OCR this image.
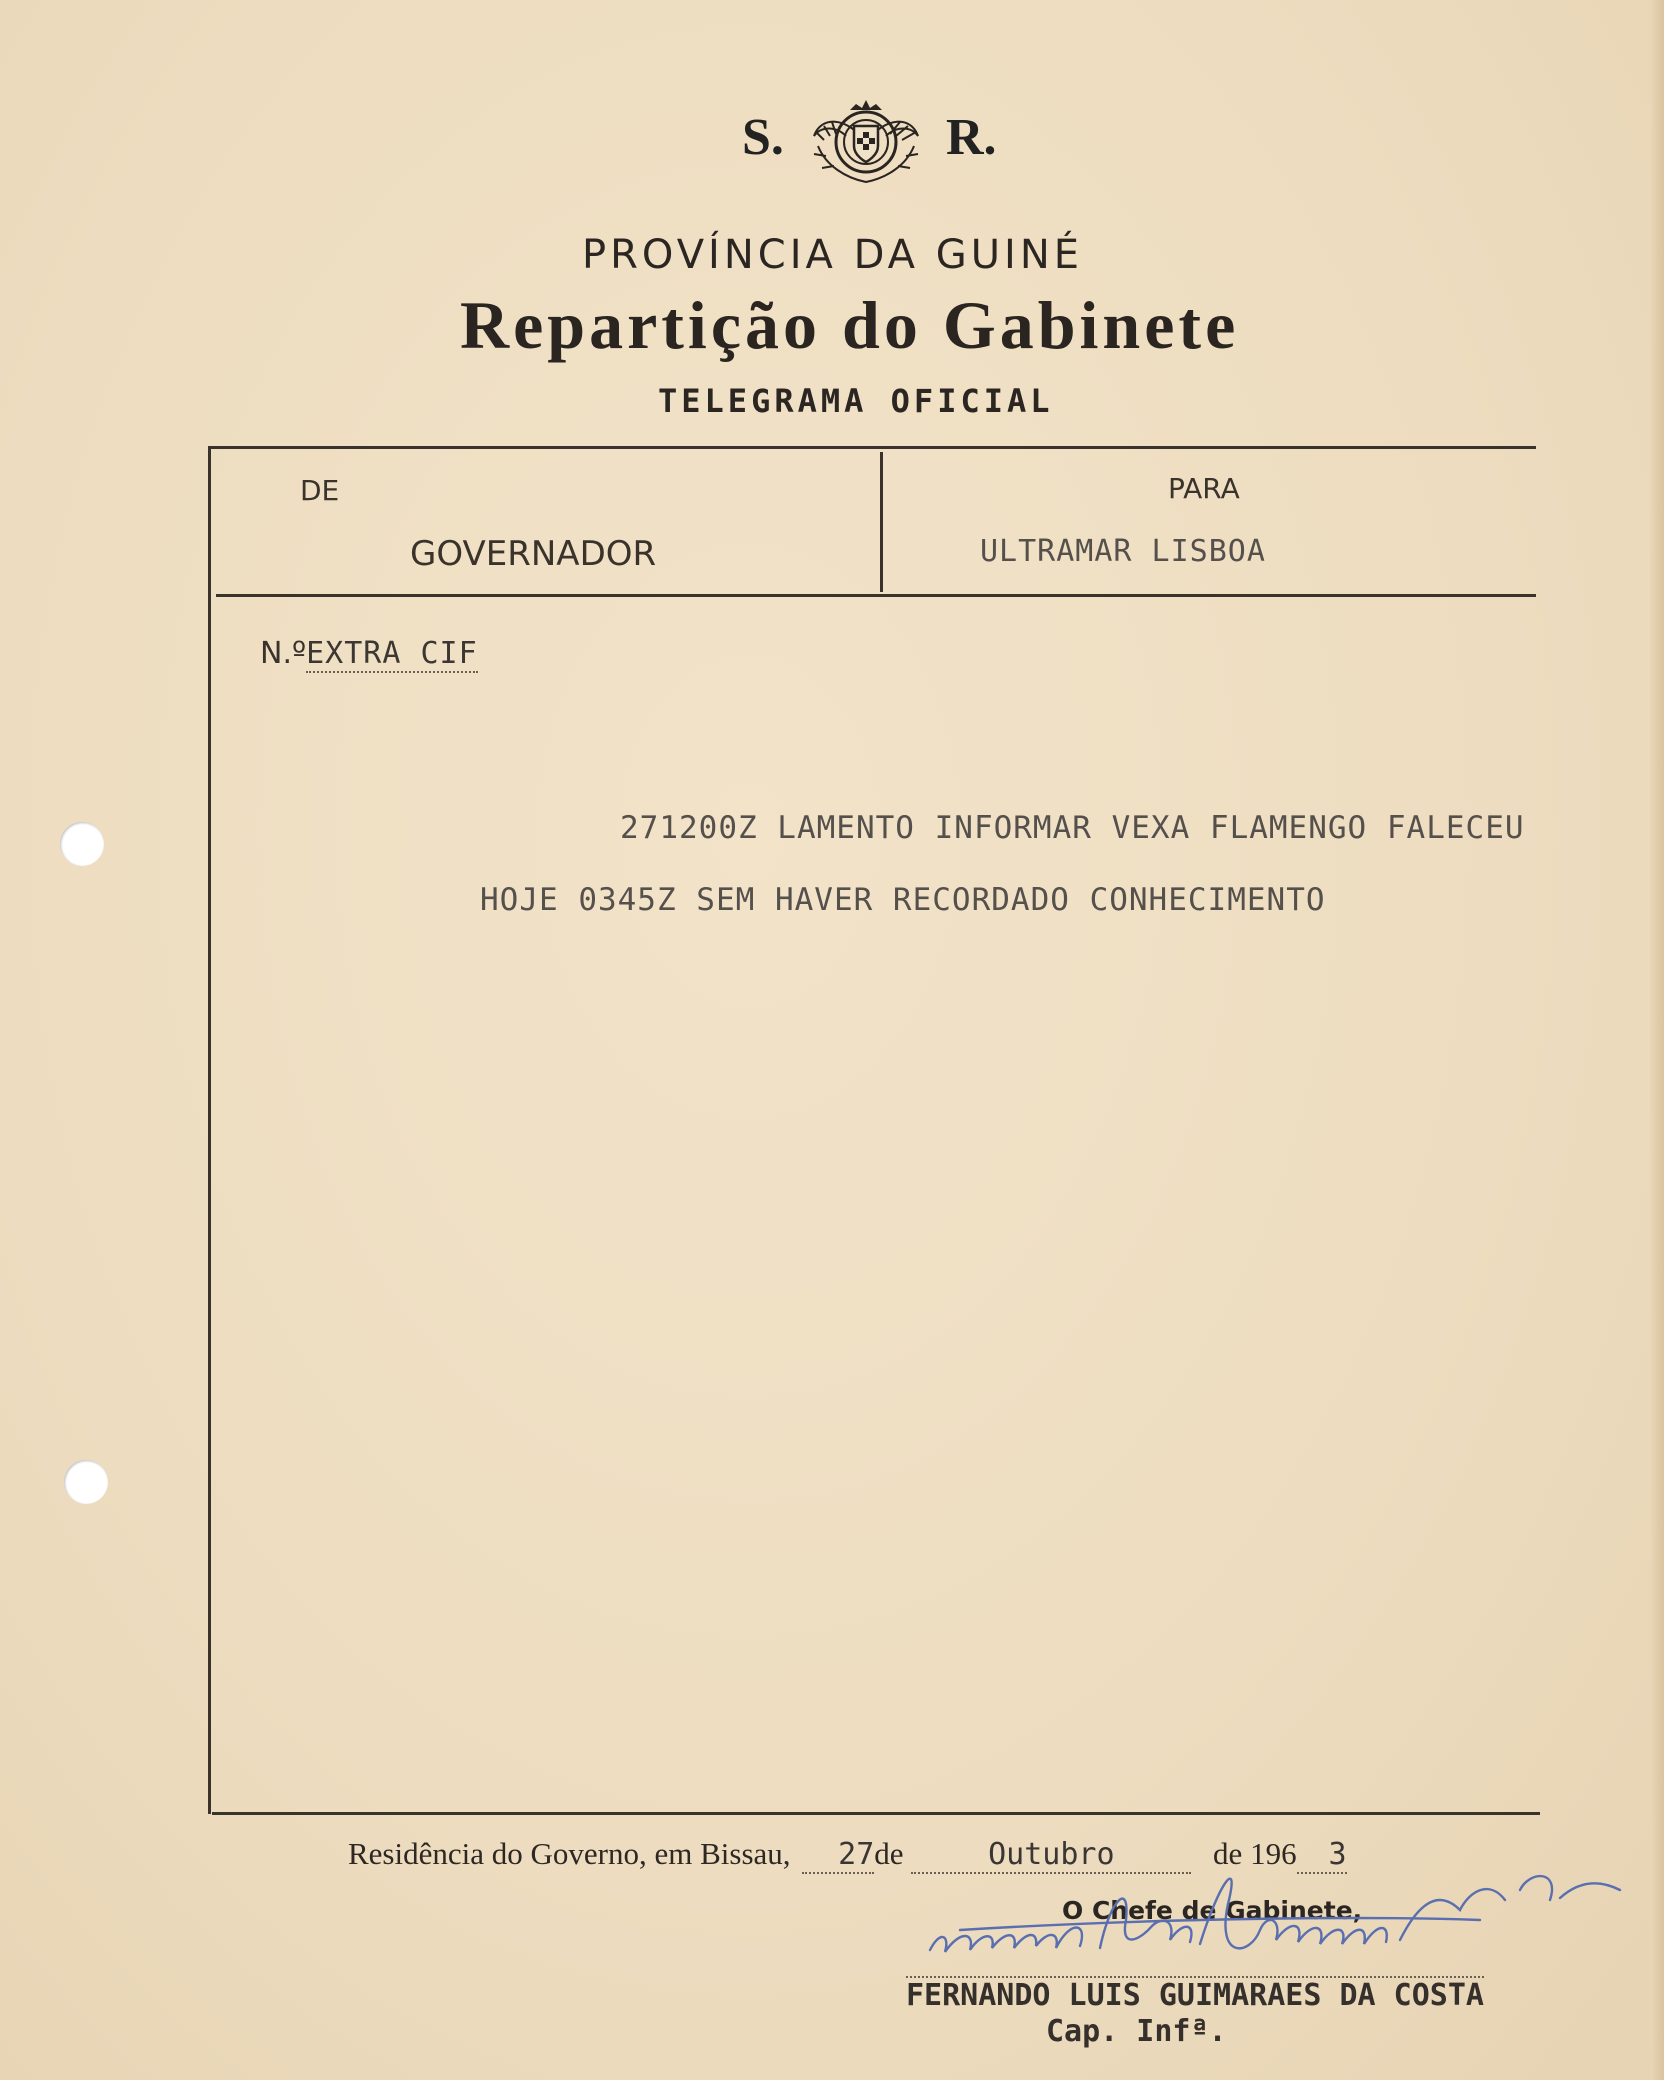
S.	R.
PROVÍNCIA DA GUINÉ
Repartição do Gabinete
TELEGRAMA OFICIAL
DE
GOVERNADOR
PARA
ULTRAMAR LISBOA
N.ºEXTRA CIF
271200Z LAMENTO INFORMAR VEXA FLAMENGO FALECEU
HOJE 0345Z SEM HAVER RECORDADO CONHECIMENTO
Residência do Governo, em Bissau, 27de	Outubro	de 196 3
O Chefe de Gabinete,
FERNANDO LUIS GUIMARAES DA COSTA
Cap. Infª.
